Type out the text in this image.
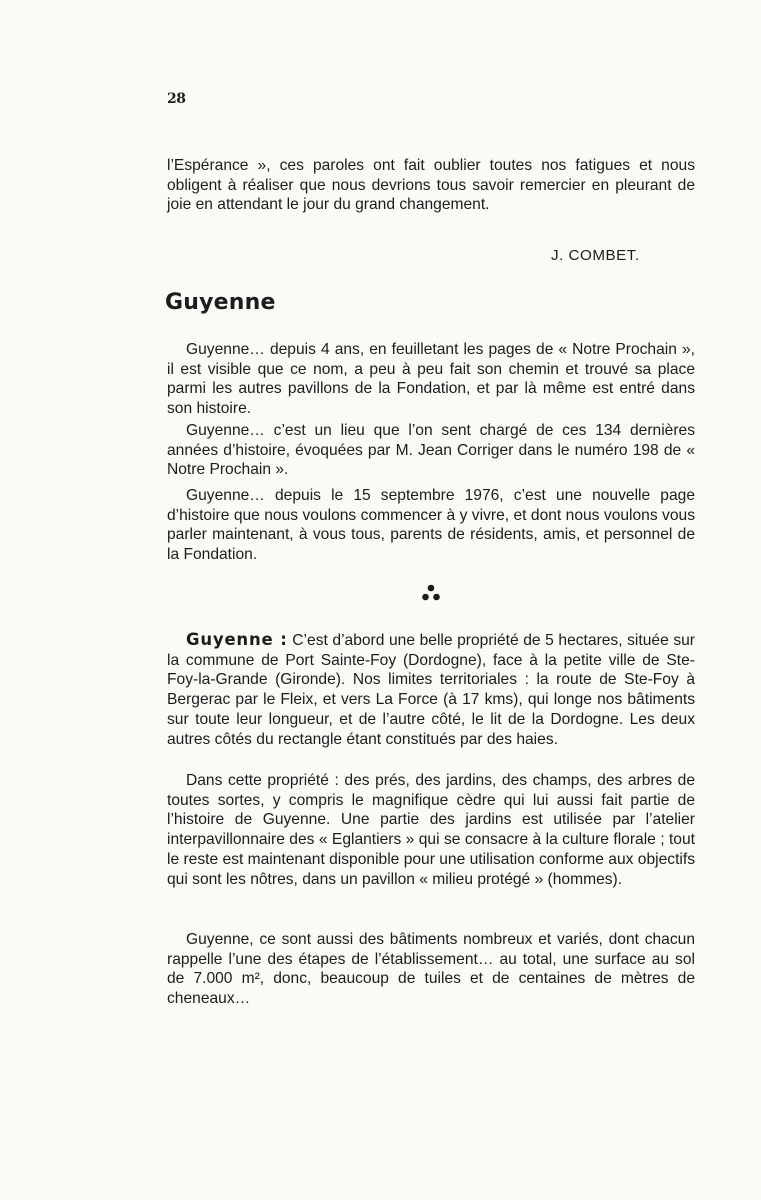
28

l’Espérance », ces paroles ont fait oublier toutes nos fatigues et nous obligent à réaliser que nous devrions tous savoir remercier en pleurant de joie en attendant le jour du grand changement.

J. COMBET.
Guyenne

Guyenne… depuis 4 ans, en feuilletant les pages de « Notre Prochain », il est visible que ce nom, a peu à peu fait son chemin et trouvé sa place parmi les autres pavillons de la Fondation, et par là même est entré dans son histoire.

Guyenne… c’est un lieu que l’on sent chargé de ces 134 dernières années d’histoire, évoquées par M. Jean Corriger dans le numéro 198 de « Notre Prochain ».

Guyenne… depuis le 15 septembre 1976, c’est une nouvelle page d’histoire que nous voulons commencer à y vivre, et dont nous voulons vous parler maintenant, à vous tous, parents de résidents, amis, et personnel de la Fondation.

Guyenne : C’est d’abord une belle propriété de 5 hectares, située sur la commune de Port Sainte-Foy (Dordogne), face à la petite ville de Ste-Foy-la-Grande (Gironde). Nos limites territoriales : la route de Ste-Foy à Bergerac par le Fleix, et vers La Force (à 17 kms), qui longe nos bâtiments sur toute leur longueur, et de l’autre côté, le lit de la Dordogne. Les deux autres côtés du rectangle étant constitués par des haies.

Dans cette propriété : des prés, des jardins, des champs, des arbres de toutes sortes, y compris le magnifique cèdre qui lui aussi fait partie de l’histoire de Guyenne. Une partie des jardins est utilisée par l’atelier interpavillonnaire des « Eglantiers » qui se consacre à la culture florale ; tout le reste est maintenant disponible pour une utilisation conforme aux objectifs qui sont les nôtres, dans un pavillon « milieu protégé » (hommes).

Guyenne, ce sont aussi des bâtiments nombreux et variés, dont chacun rappelle l’une des étapes de l’établissement… au total, une surface au sol de 7.000 m², donc, beaucoup de tuiles et de centaines de mètres de cheneaux…
